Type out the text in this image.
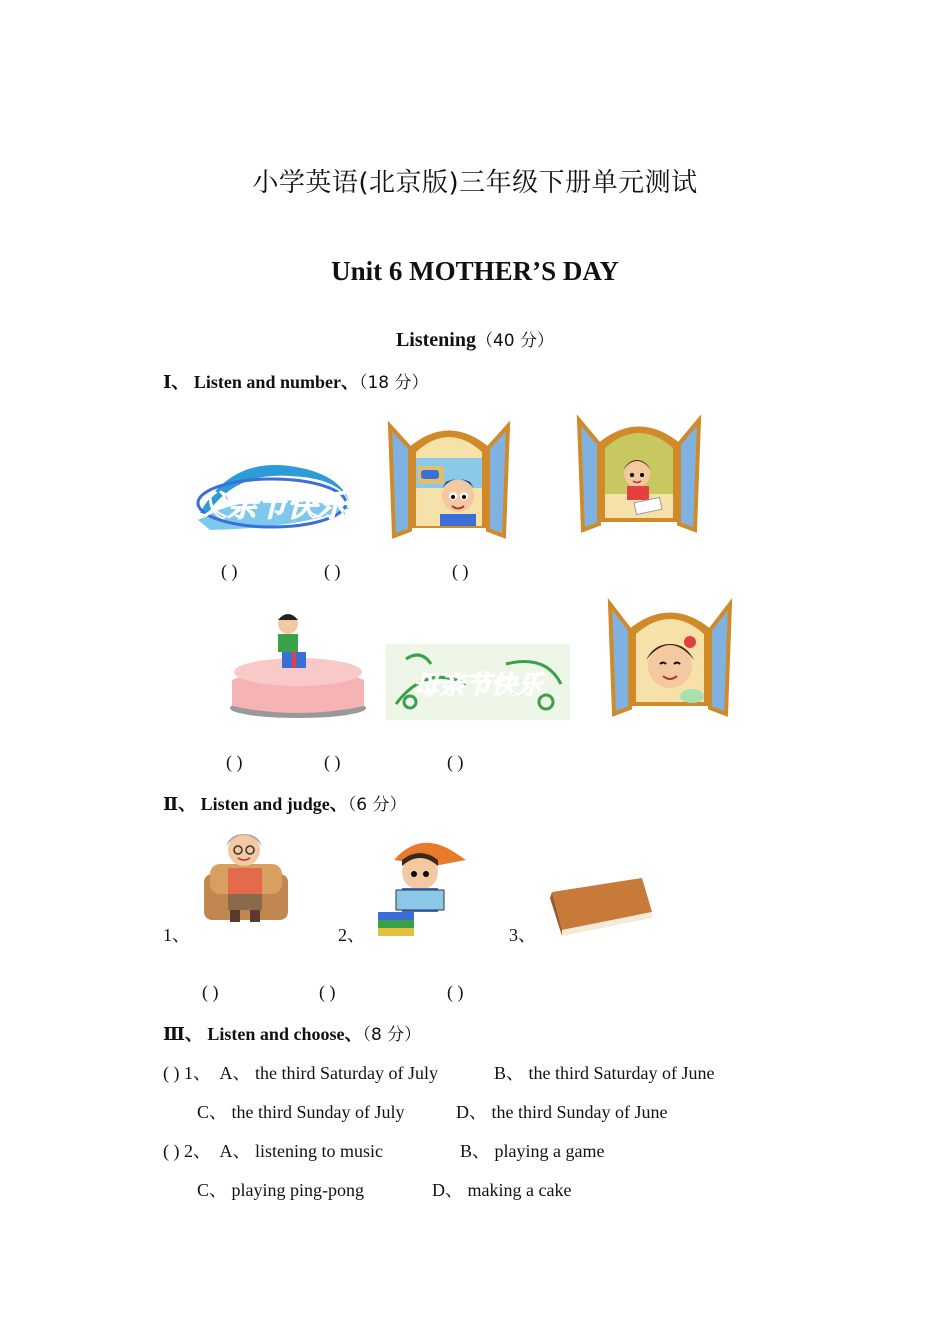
小学英语(北京版)三年级下册单元测试
Unit 6 MOTHER’S DAY
Listening（40 分）
Ⅰ、 Listen and number、（18 分）
父亲节快乐
( )	( )	( )
母亲节快乐
( )	( )	( )
Ⅱ、 Listen and judge、（6 分）
1、	2、	3、
( )	( )	( )
Ⅲ、 Listen and choose、（8 分）
( ) 1、 A、 the third Saturday of July	B、 the third Saturday of June
C、 the third Sunday of July	D、 the third Sunday of June
( ) 2、 A、 listening to music	B、 playing a game
C、 playing ping-pong	D、 making a cake
